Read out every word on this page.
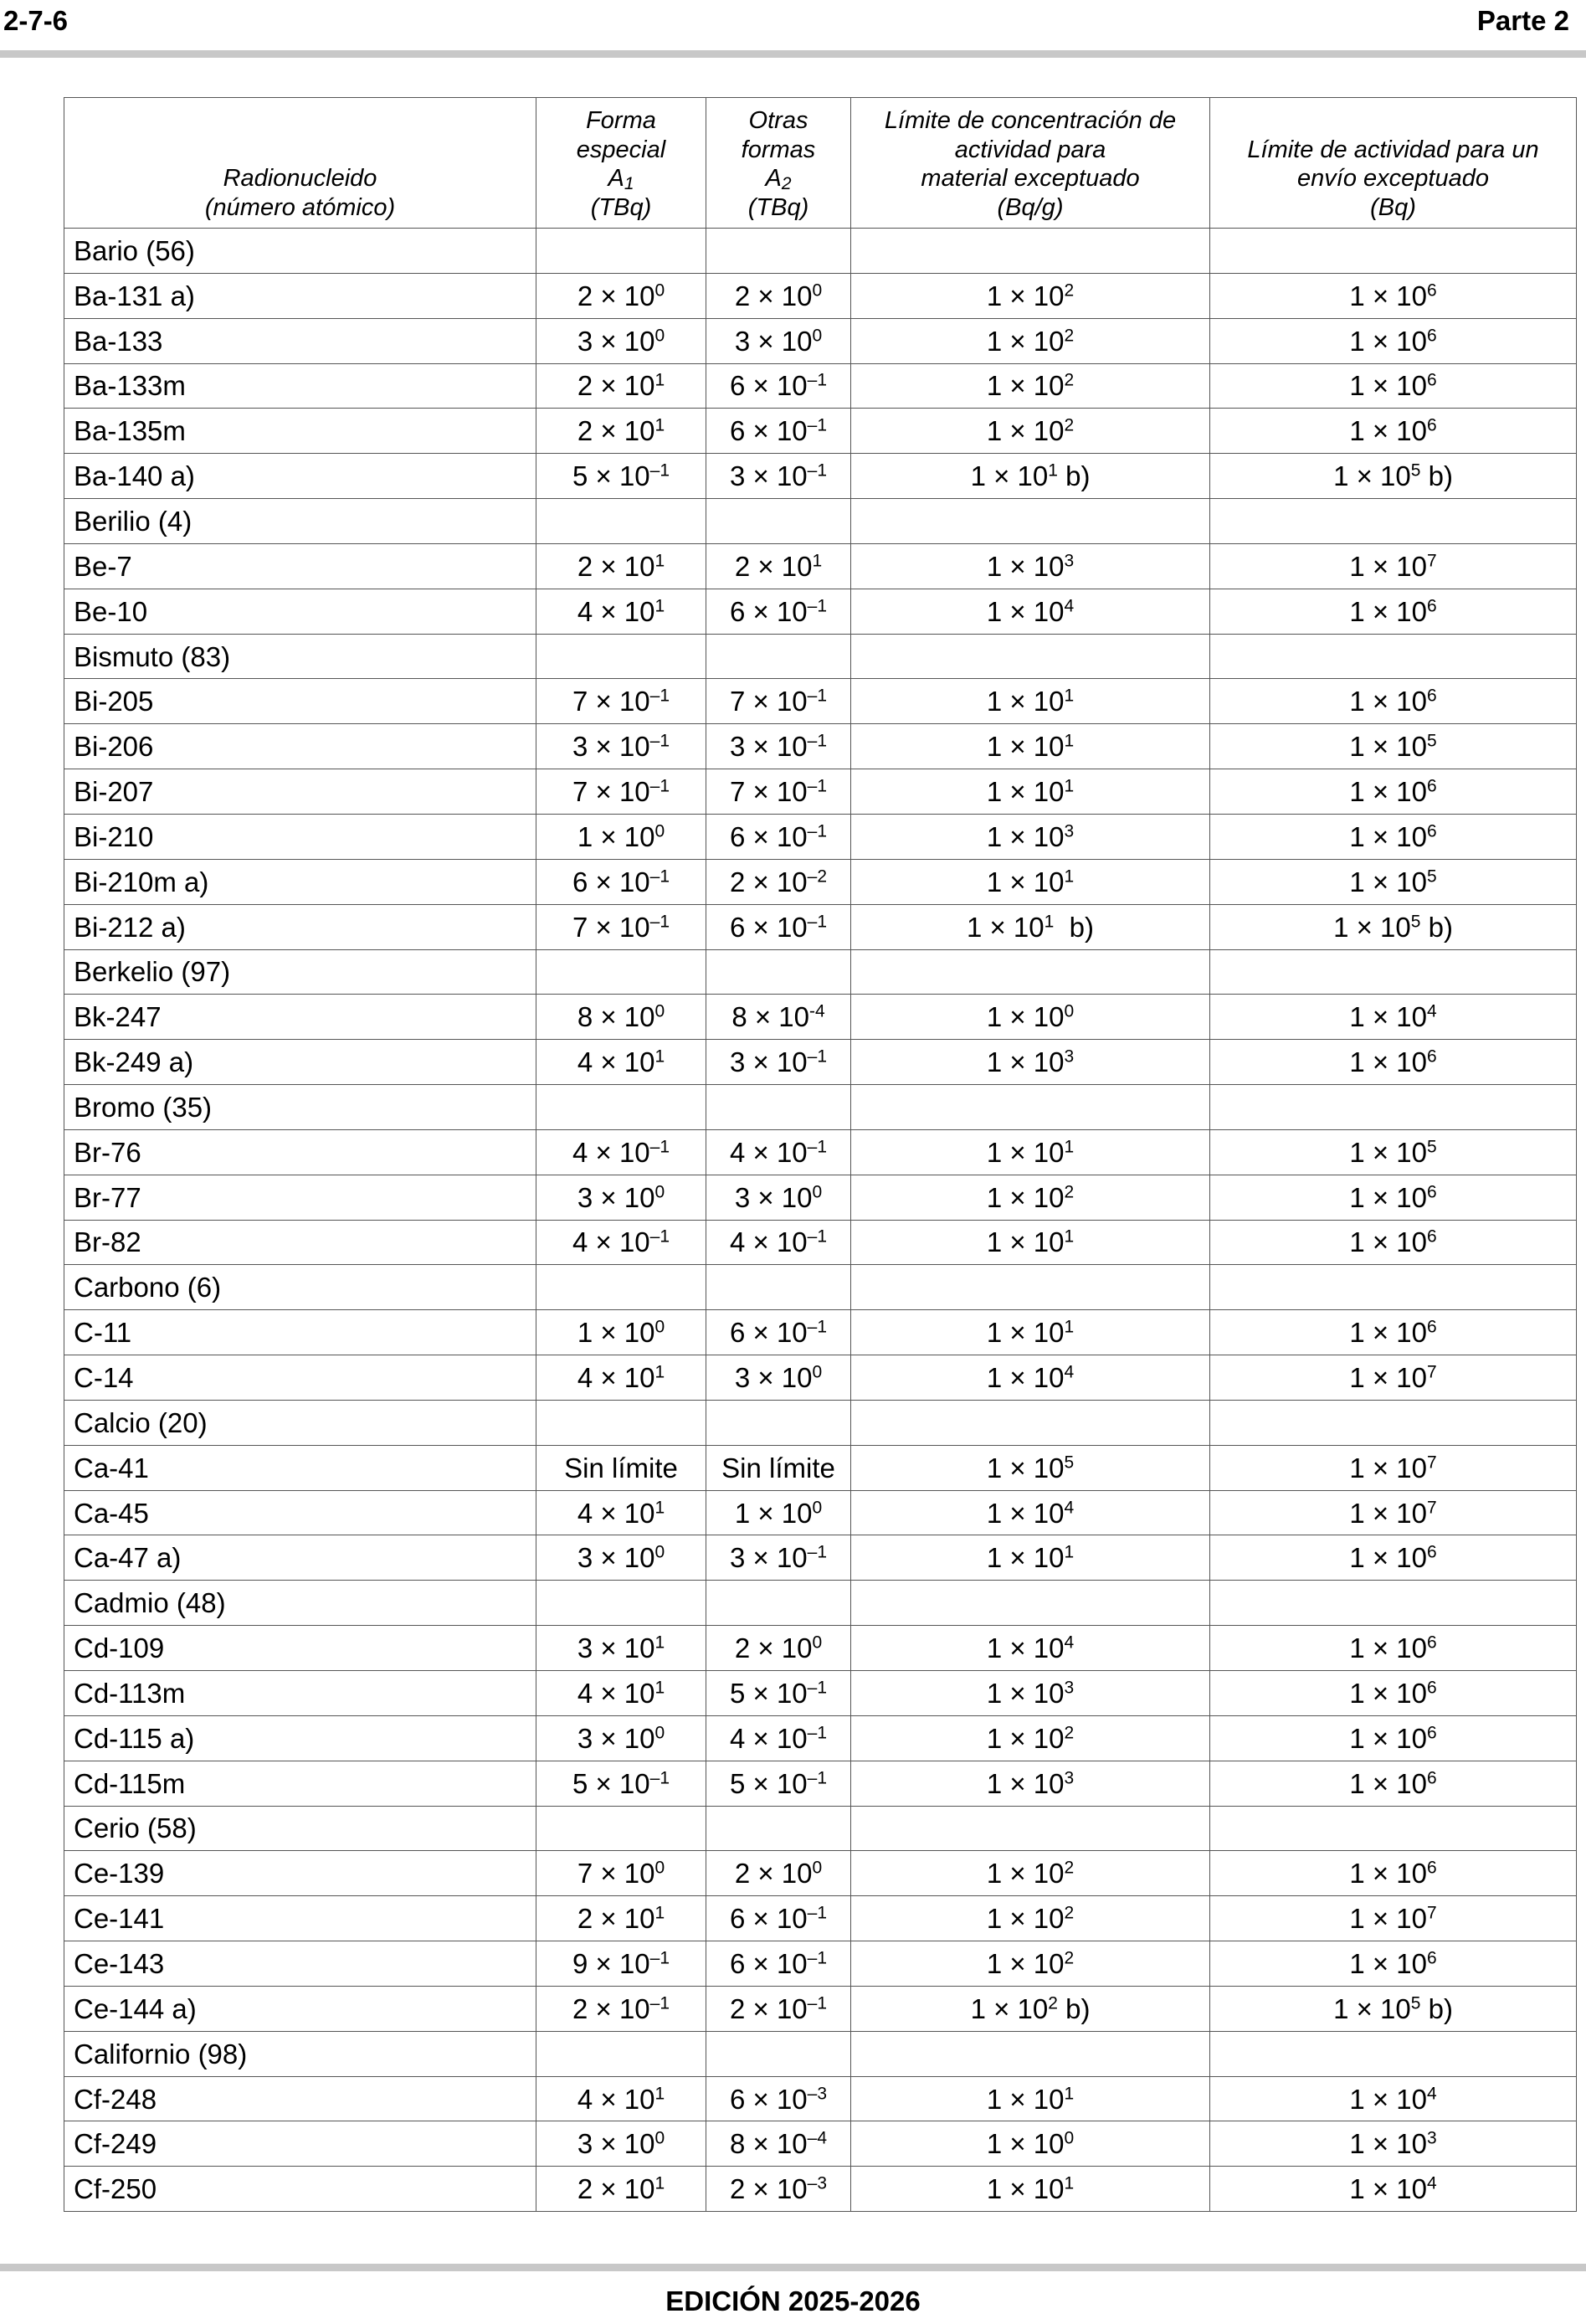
2-7-6	Parte 2
Radionucleido
(número atómico)	Forma
especial
$A_1$
(TBq)	Otras
formas
$A_2$
(TBq)	Límite de concentración de
actividad para
material exceptuado
(Bq/g)	Límite de actividad para un
envío exceptuado
(Bq)
Bario (56)				
Ba-131 a)	$2 \times 10^0$	$2 \times 10^0$	$1 \times 10^2$	$1 \times 10^6$
Ba-133	$3 \times 10^0$	$3 \times 10^0$	$1 \times 10^2$	$1 \times 10^6$
Ba-133m	$2 \times 10^1$	$6 \times 10^{-1}$	$1 \times 10^2$	$1 \times 10^6$
Ba-135m	$2 \times 10^1$	$6 \times 10^{-1}$	$1 \times 10^2$	$1 \times 10^6$
Ba-140 a)	$5 \times 10^{-1}$	$3 \times 10^{-1}$	$1 \times 10^1$ b)	$1 \times 10^5$ b)
Berilio (4)				
Be-7	$2 \times 10^1$	$2 \times 10^1$	$1 \times 10^3$	$1 \times 10^7$
Be-10	$4 \times 10^1$	$6 \times 10^{-1}$	$1 \times 10^4$	$1 \times 10^6$
Bismuto (83)				
Bi-205	$7 \times 10^{-1}$	$7 \times 10^{-1}$	$1 \times 10^1$	$1 \times 10^6$
Bi-206	$3 \times 10^{-1}$	$3 \times 10^{-1}$	$1 \times 10^1$	$1 \times 10^5$
Bi-207	$7 \times 10^{-1}$	$7 \times 10^{-1}$	$1 \times 10^1$	$1 \times 10^6$
Bi-210	$1 \times 10^0$	$6 \times 10^{-1}$	$1 \times 10^3$	$1 \times 10^6$
Bi-210m a)	$6 \times 10^{-1}$	$2 \times 10^{-2}$	$1 \times 10^1$	$1 \times 10^5$
Bi-212 a)	$7 \times 10^{-1}$	$6 \times 10^{-1}$	$1 \times 10^1$  b)	$1 \times 10^5$ b)
Berkelio (97)				
Bk-247	$8 \times 10^0$	$8 \times 10^{-4}$	$1 \times 10^0$	$1 \times 10^4$
Bk-249 a)	$4 \times 10^1$	$3 \times 10^{-1}$	$1 \times 10^3$	$1 \times 10^6$
Bromo (35)				
Br-76	$4 \times 10^{-1}$	$4 \times 10^{-1}$	$1 \times 10^1$	$1 \times 10^5$
Br-77	$3 \times 10^0$	$3 \times 10^0$	$1 \times 10^2$	$1 \times 10^6$
Br-82	$4 \times 10^{-1}$	$4 \times 10^{-1}$	$1 \times 10^1$	$1 \times 10^6$
Carbono (6)				
C-11	$1 \times 10^0$	$6 \times 10^{-1}$	$1 \times 10^1$	$1 \times 10^6$
C-14	$4 \times 10^1$	$3 \times 10^0$	$1 \times 10^4$	$1 \times 10^7$
Calcio (20)				
Ca-41	Sin límite	Sin límite	$1 \times 10^5$	$1 \times 10^7$
Ca-45	$4 \times 10^1$	$1 \times 10^0$	$1 \times 10^4$	$1 \times 10^7$
Ca-47 a)	$3 \times 10^0$	$3 \times 10^{-1}$	$1 \times 10^1$	$1 \times 10^6$
Cadmio (48)				
Cd-109	$3 \times 10^1$	$2 \times 10^0$	$1 \times 10^4$	$1 \times 10^6$
Cd-113m	$4 \times 10^1$	$5 \times 10^{-1}$	$1 \times 10^3$	$1 \times 10^6$
Cd-115 a)	$3 \times 10^0$	$4 \times 10^{-1}$	$1 \times 10^2$	$1 \times 10^6$
Cd-115m	$5 \times 10^{-1}$	$5 \times 10^{-1}$	$1 \times 10^3$	$1 \times 10^6$
Cerio (58)				
Ce-139	$7 \times 10^0$	$2 \times 10^0$	$1 \times 10^2$	$1 \times 10^6$
Ce-141	$2 \times 10^1$	$6 \times 10^{-1}$	$1 \times 10^2$	$1 \times 10^7$
Ce-143	$9 \times 10^{-1}$	$6 \times 10^{-1}$	$1 \times 10^2$	$1 \times 10^6$
Ce-144 a)	$2 \times 10^{-1}$	$2 \times 10^{-1}$	$1 \times 10^2$ b)	$1 \times 10^5$ b)
Californio (98)				
Cf-248	$4 \times 10^1$	$6 \times 10^{-3}$	$1 \times 10^1$	$1 \times 10^4$
Cf-249	$3 \times 10^0$	$8 \times 10^{-4}$	$1 \times 10^0$	$1 \times 10^3$
Cf-250	$2 \times 10^1$	$2 \times 10^{-3}$	$1 \times 10^1$	$1 \times 10^4$
EDICIÓN 2025-2026
